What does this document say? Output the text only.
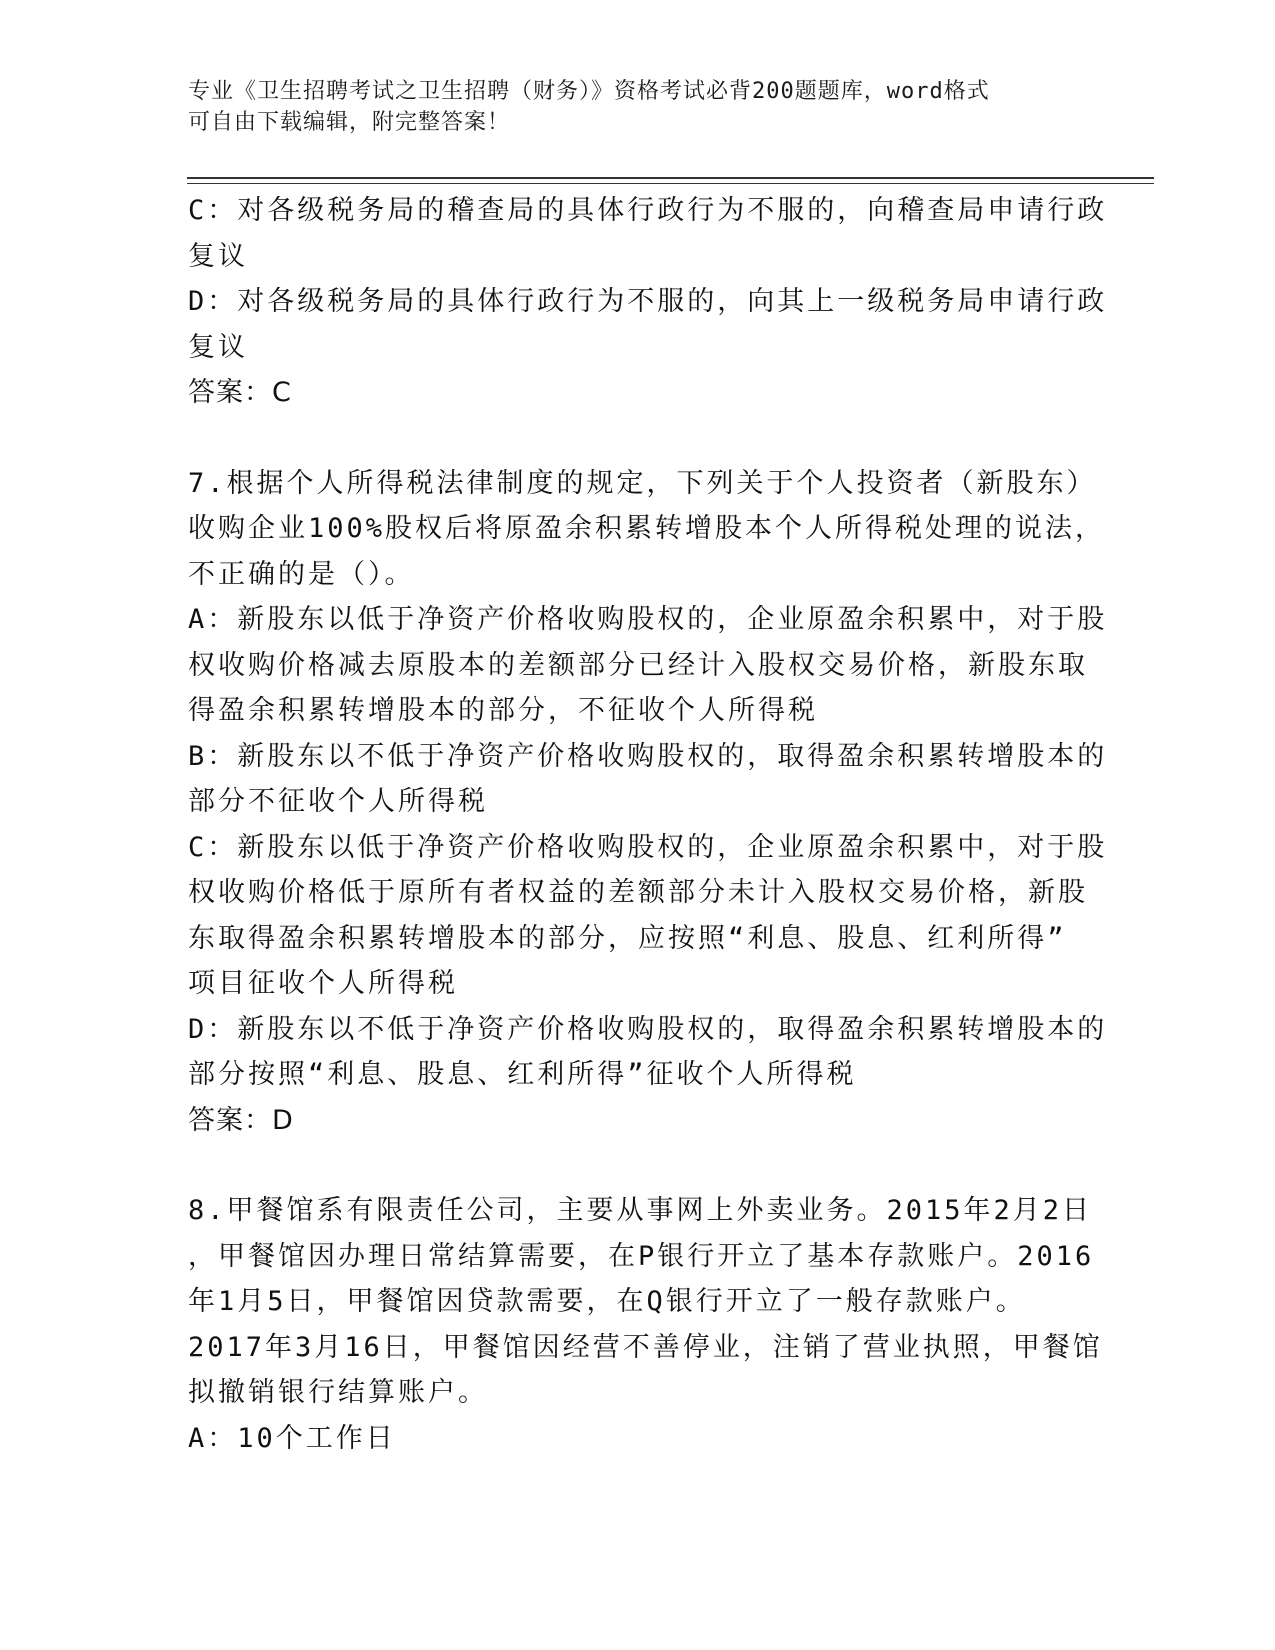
专业《卫生招聘考试之卫生招聘（财务）》资格考试必背200题题库，word格式
可自由下载编辑，附完整答案！
C：对各级税务局的稽查局的具体行政行为不服的，向稽查局申请行政
复议
D：对各级税务局的具体行政行为不服的，向其上一级税务局申请行政
复议
答案：C
7.根据个人所得税法律制度的规定，下列关于个人投资者（新股东）
收购企业100%股权后将原盈余积累转增股本个人所得税处理的说法，
不正确的是（）。
A：新股东以低于净资产价格收购股权的，企业原盈余积累中，对于股
权收购价格减去原股本的差额部分已经计入股权交易价格，新股东取
得盈余积累转增股本的部分，不征收个人所得税
B：新股东以不低于净资产价格收购股权的，取得盈余积累转增股本的
部分不征收个人所得税
C：新股东以低于净资产价格收购股权的，企业原盈余积累中，对于股
权收购价格低于原所有者权益的差额部分未计入股权交易价格，新股
东取得盈余积累转增股本的部分，应按照“利息、股息、红利所得”
项目征收个人所得税
D：新股东以不低于净资产价格收购股权的，取得盈余积累转增股本的
部分按照“利息、股息、红利所得”征收个人所得税
答案：D
8.甲餐馆系有限责任公司，主要从事网上外卖业务。2015年2月2日
，甲餐馆因办理日常结算需要，在P银行开立了基本存款账户。2016
年1月5日，甲餐馆因贷款需要，在Q银行开立了一般存款账户。
2017年3月16日，甲餐馆因经营不善停业，注销了营业执照，甲餐馆
拟撤销银行结算账户。
A：10个工作日
